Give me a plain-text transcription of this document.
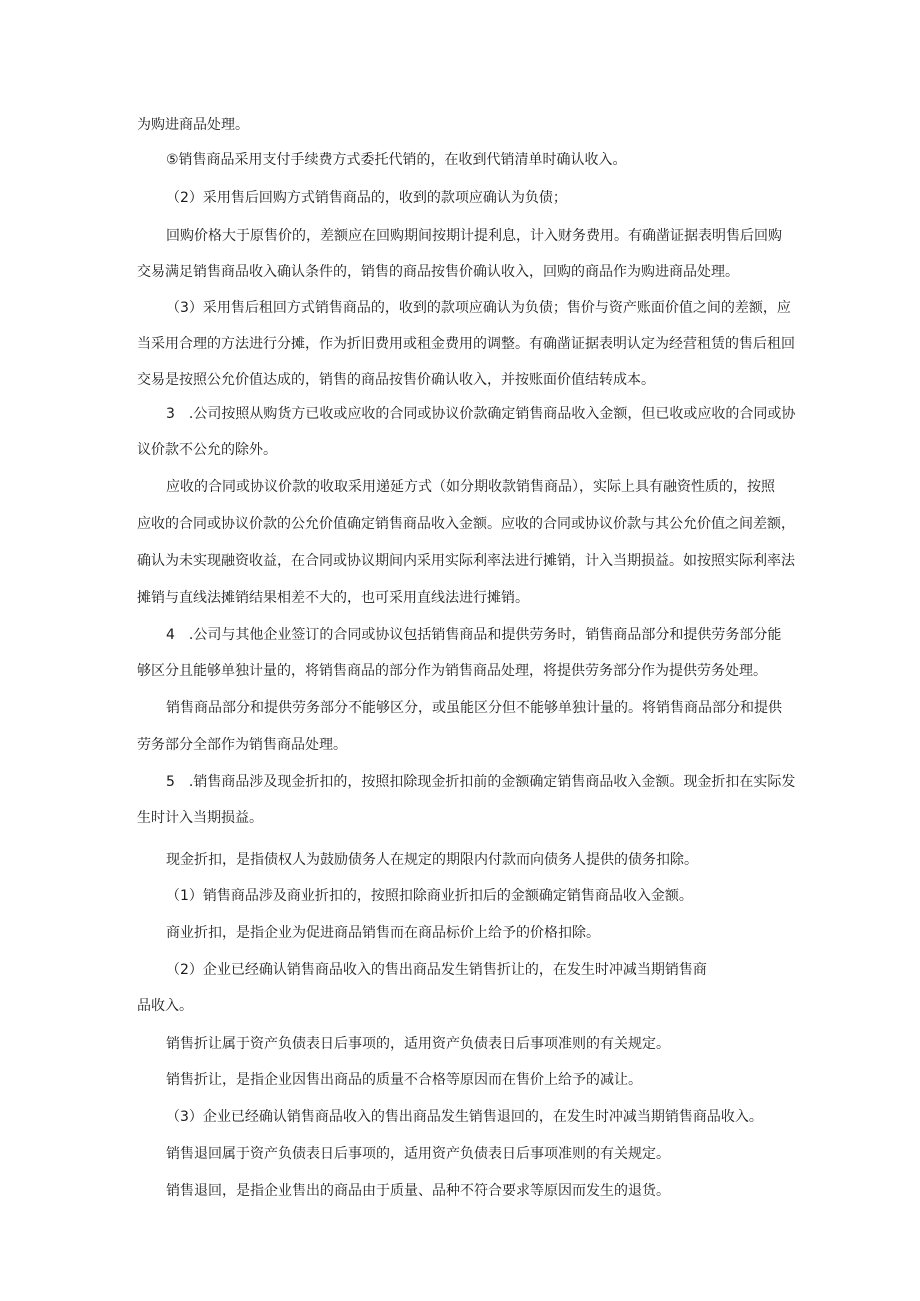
为购进商品处理。
⑤销售商品采用支付手续费方式委托代销的，在收到代销清单时确认收入。
（2）采用售后回购方式销售商品的，收到的款项应确认为负债；
回购价格大于原售价的，差额应在回购期间按期计提利息，计入财务费用。有确凿证据表明售后回购
交易满足销售商品收入确认条件的，销售的商品按售价确认收入，回购的商品作为购进商品处理。
（3）采用售后租回方式销售商品的，收到的款项应确认为负债；售价与资产账面价值之间的差额，应
当采用合理的方法进行分摊，作为折旧费用或租金费用的调整。有确凿证据表明认定为经营租赁的售后租回
交易是按照公允价值达成的，销售的商品按售价确认收入，并按账面价值结转成本。
3　.公司按照从购货方已收或应收的合同或协议价款确定销售商品收入金额，但已收或应收的合同或协
议价款不公允的除外。
应收的合同或协议价款的收取采用递延方式（如分期收款销售商品），实际上具有融资性质的，按照
应收的合同或协议价款的公允价值确定销售商品收入金额。应收的合同或协议价款与其公允价值之间差额，
确认为未实现融资收益，在合同或协议期间内采用实际利率法进行摊销，计入当期损益。如按照实际利率法
摊销与直线法摊销结果相差不大的，也可采用直线法进行摊销。
4　.公司与其他企业签订的合同或协议包括销售商品和提供劳务时，销售商品部分和提供劳务部分能
够区分且能够单独计量的，将销售商品的部分作为销售商品处理，将提供劳务部分作为提供劳务处理。
销售商品部分和提供劳务部分不能够区分，或虽能区分但不能够单独计量的。将销售商品部分和提供
劳务部分全部作为销售商品处理。
5　.销售商品涉及现金折扣的，按照扣除现金折扣前的金额确定销售商品收入金额。现金折扣在实际发
生时计入当期损益。
现金折扣，是指债权人为鼓励债务人在规定的期限内付款而向债务人提供的债务扣除。
（1）销售商品涉及商业折扣的，按照扣除商业折扣后的金额确定销售商品收入金额。
商业折扣，是指企业为促进商品销售而在商品标价上给予的价格扣除。
（2）企业已经确认销售商品收入的售出商品发生销售折让的，在发生时冲减当期销售商
品收入。
销售折让属于资产负债表日后事项的，适用资产负债表日后事项准则的有关规定。
销售折让，是指企业因售出商品的质量不合格等原因而在售价上给予的减让。
（3）企业已经确认销售商品收入的售出商品发生销售退回的，在发生时冲减当期销售商品收入。
销售退回属于资产负债表日后事项的，适用资产负债表日后事项准则的有关规定。
销售退回，是指企业售出的商品由于质量、品种不符合要求等原因而发生的退货。
